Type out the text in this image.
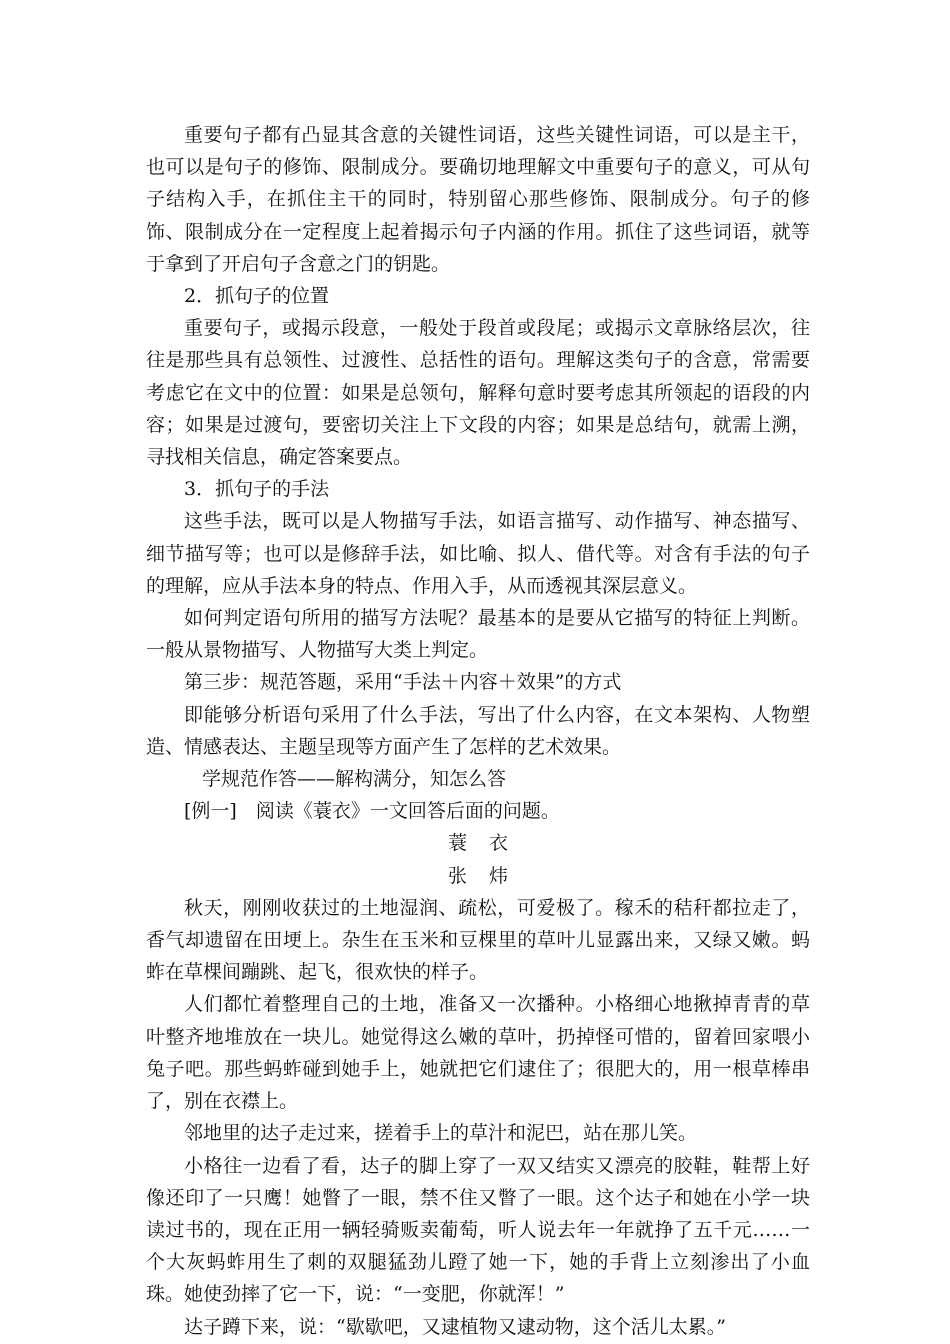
重要句子都有凸显其含意的关键性词语，这些关键性词语，可以是主干，也可以是句子的修饰、限制成分。要确切地理解文中重要句子的意义，可从句子结构入手，在抓住主干的同时，特别留心那些修饰、限制成分。句子的修饰、限制成分在一定程度上起着揭示句子内涵的作用。抓住了这些词语，就等于拿到了开启句子含意之门的钥匙。

2．抓句子的位置

重要句子，或揭示段意，一般处于段首或段尾；或揭示文章脉络层次，往往是那些具有总领性、过渡性、总括性的语句。理解这类句子的含意，常需要考虑它在文中的位置：如果是总领句，解释句意时要考虑其所领起的语段的内容；如果是过渡句，要密切关注上下文段的内容；如果是总结句，就需上溯，寻找相关信息，确定答案要点。

3．抓句子的手法

这些手法，既可以是人物描写手法，如语言描写、动作描写、神态描写、细节描写等；也可以是修辞手法，如比喻、拟人、借代等。对含有手法的句子的理解，应从手法本身的特点、作用入手，从而透视其深层意义。

如何判定语句所用的描写方法呢？最基本的是要从它描写的特征上判断。一般从景物描写、人物描写大类上判定。

第三步：规范答题，采用“手法＋内容＋效果”的方式

即能够分析语句采用了什么手法，写出了什么内容，在文本架构、人物塑造、情感表达、主题呈现等方面产生了怎样的艺术效果。

学规范作答——解构满分，知怎么答

[例一]　阅读《蓑衣》一文回答后面的问题。

蓑衣

张炜

秋天，刚刚收获过的土地湿润、疏松，可爱极了。稼禾的秸秆都拉走了，香气却遗留在田埂上。杂生在玉米和豆棵里的草叶儿显露出来，又绿又嫩。蚂蚱在草棵间蹦跳、起飞，很欢快的样子。

人们都忙着整理自己的土地，准备又一次播种。小格细心地揪掉青青的草叶整齐地堆放在一块儿。她觉得这么嫩的草叶，扔掉怪可惜的，留着回家喂小兔子吧。那些蚂蚱碰到她手上，她就把它们逮住了；很肥大的，用一根草棒串了，别在衣襟上。

邻地里的达子走过来，搓着手上的草汁和泥巴，站在那儿笑。

小格往一边看了看，达子的脚上穿了一双又结实又漂亮的胶鞋，鞋帮上好像还印了一只鹰！她瞥了一眼，禁不住又瞥了一眼。这个达子和她在小学一块读过书的，现在正用一辆轻骑贩卖葡萄，听人说去年一年就挣了五千元……一个大灰蚂蚱用生了刺的双腿猛劲儿蹬了她一下，她的手背上立刻渗出了小血珠。她使劲摔了它一下，说：“一变肥，你就浑！”

达子蹲下来，说：“歇歇吧，又逮植物又逮动物，这个活儿太累。”
